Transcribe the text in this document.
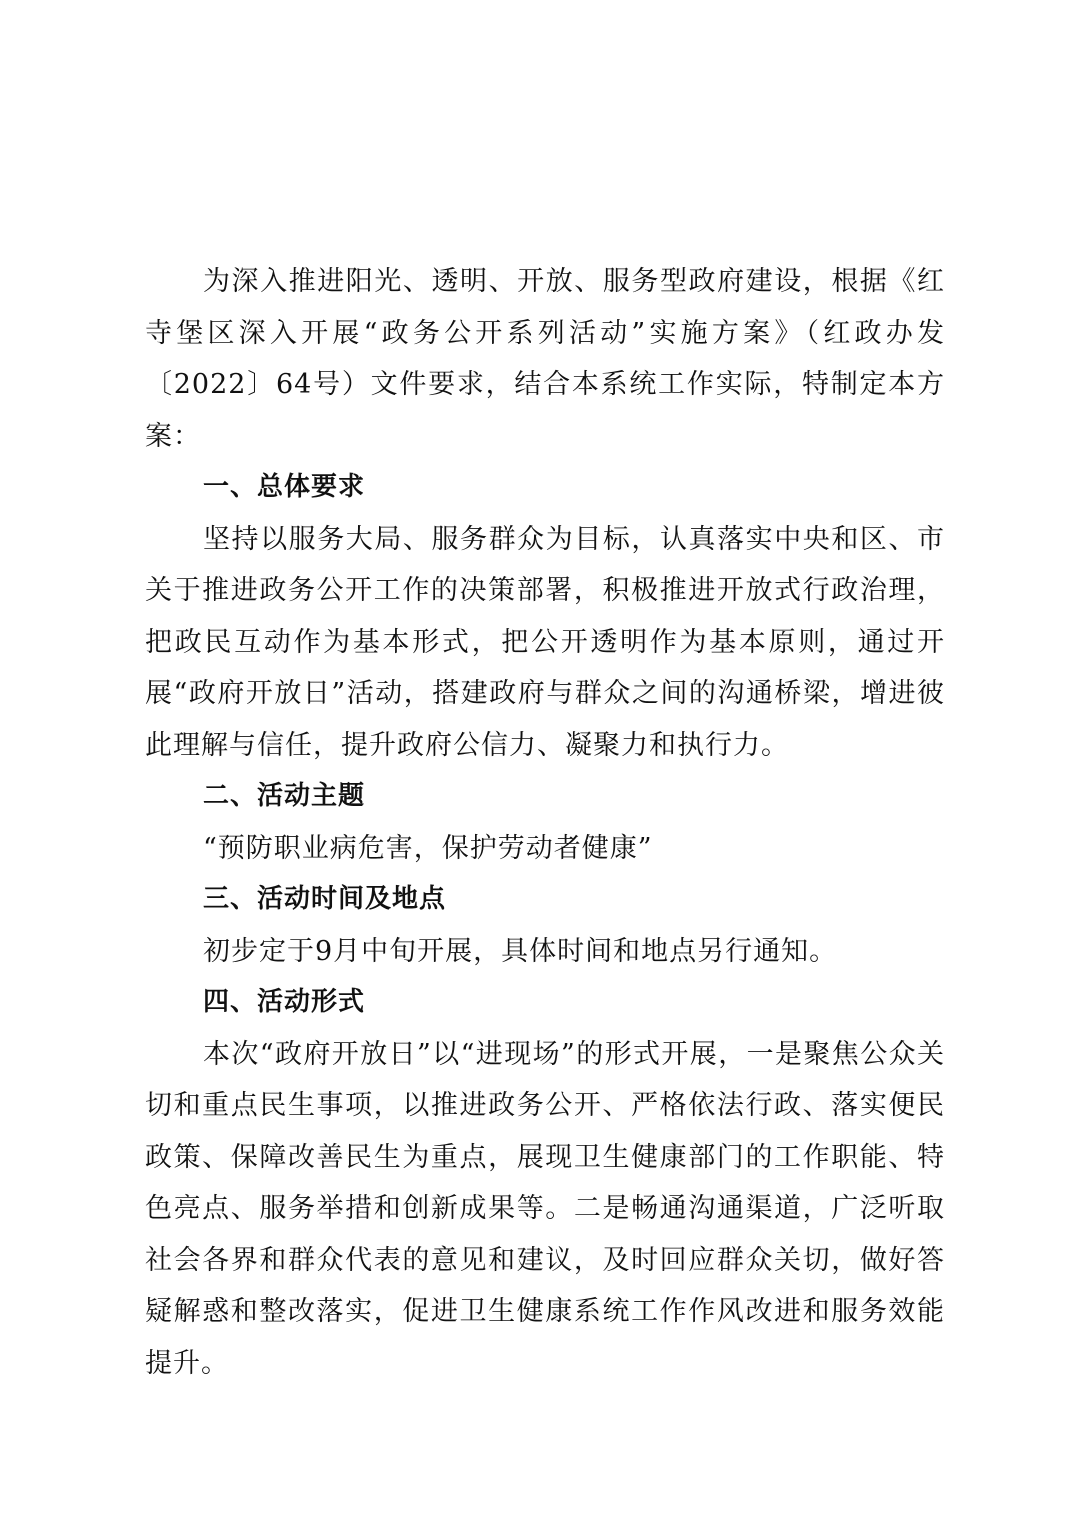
为深入推进阳光、透明、开放、服务型政府建设，根据《红寺堡区深入开展“政务公开系列活动”实施方案》（红政办发〔2022〕64号）文件要求，结合本系统工作实际，特制定本方案：

一、总体要求

坚持以服务大局、服务群众为目标，认真落实中央和区、市关于推进政务公开工作的决策部署，积极推进开放式行政治理，把政民互动作为基本形式，把公开透明作为基本原则，通过开展“政府开放日”活动，搭建政府与群众之间的沟通桥梁，增进彼此理解与信任，提升政府公信力、凝聚力和执行力。

二、活动主题

“预防职业病危害，保护劳动者健康”

三、活动时间及地点

初步定于9月中旬开展，具体时间和地点另行通知。

四、活动形式

本次“政府开放日”以“进现场”的形式开展，一是聚焦公众关切和重点民生事项，以推进政务公开、严格依法行政、落实便民政策、保障改善民生为重点，展现卫生健康部门的工作职能、特色亮点、服务举措和创新成果等。二是畅通沟通渠道，广泛听取社会各界和群众代表的意见和建议，及时回应群众关切，做好答疑解惑和整改落实，促进卫生健康系统工作作风改进和服务效能提升。
